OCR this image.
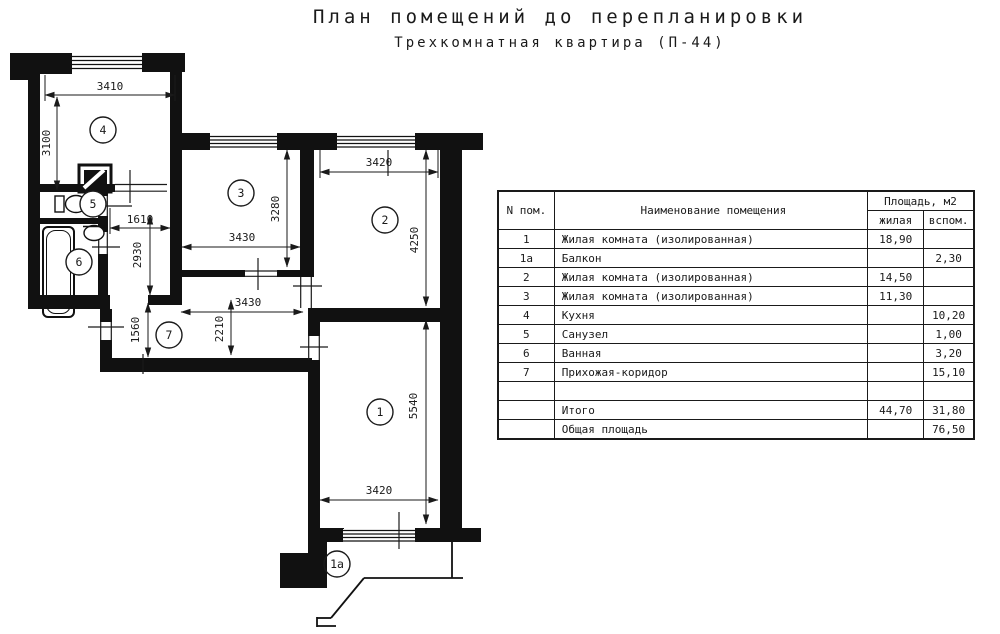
План помещений до перепланировки
Трехкомнатная квартира (П-44)
3410
3100
1610
2930
1560
3430
3280
3430
2210
3420
4250
5540
3420
4
5
6
7
3
2
1
1а
N пом.	Наименование помещения	Площадь, м2	
		жилая	вспом.
1	Жилая комната (изолированная)	18,90	
1а	Балкон		2,30
2	Жилая комната (изолированная)	14,50	
3	Жилая комната (изолированная)	11,30	
4	Кухня		10,20
5	Санузел		1,00
6	Ванная		3,20
7	Прихожая-коридор		15,10

	Итого	44,70	31,80
	Общая площадь		76,50
